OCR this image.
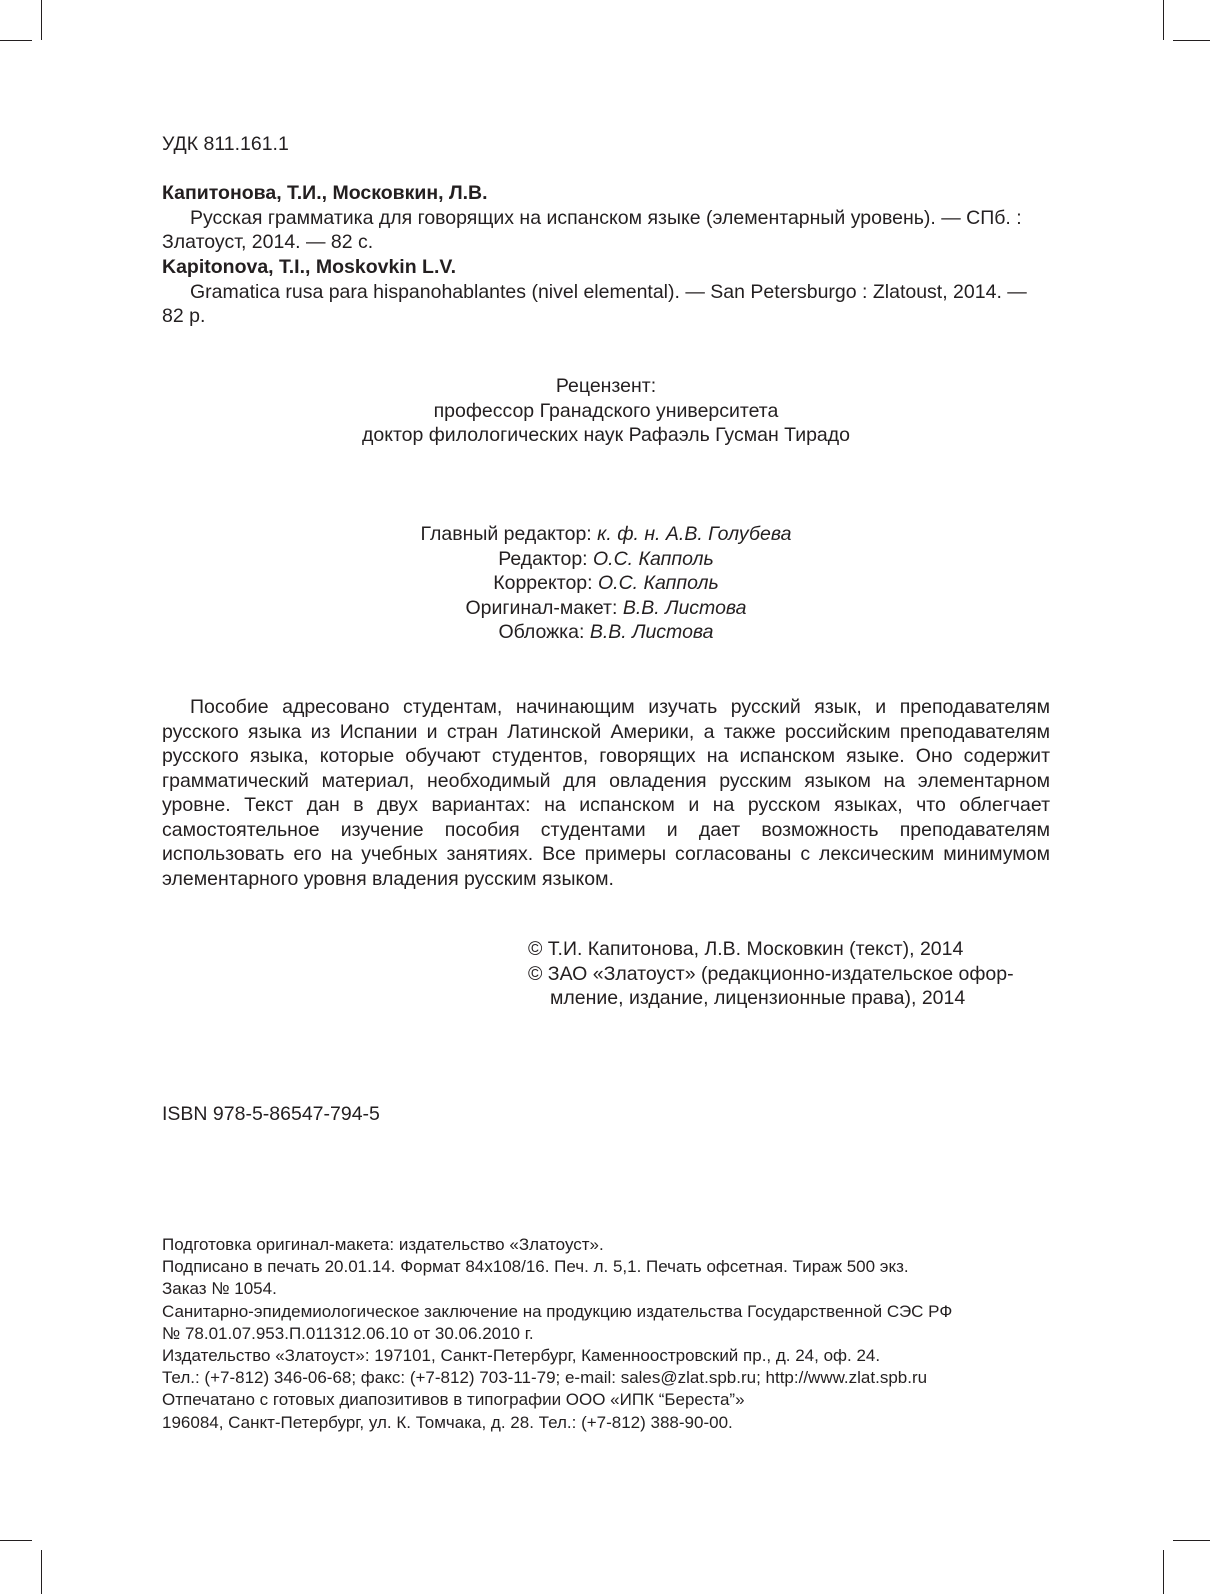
УДК 811.161.1
Капитонова, Т.И., Московкин, Л.В.
Русская грамматика для говорящих на испанском языке (элементарный уровень). — СПб. : Златоуст, 2014. — 82 с.
Kapitonova, T.I., Moskovkin L.V.
Gramatica rusa para hispanohablantes (nivel elemental). — San Petersburgo : Zlatoust, 2014. — 82 p.
Рецензент:
профессор Гранадского университета
доктор филологических наук Рафаэль Гусман Тирадо
Главный редактор: к. ф. н. А.В. Голубева
Редактор: О.С. Капполь
Корректор: О.С. Капполь
Оригинал-макет: В.В. Листова
Обложка: В.В. Листова
Пособие адресовано студентам, начинающим изучать русский язык, и преподавателям русского языка из Испании и стран Латинской Америки, а также российским преподавателям русского языка, которые обучают студентов, говорящих на испанском языке. Оно содержит грамматический материал, необходимый для овладения русским языком на элементарном уровне. Текст дан в двух вариантах: на испанском и на русском языках, что облегчает самостоятельное изучение пособия студентами и дает возможность преподавателям использовать его на учебных занятиях. Все примеры согласованы с лексическим минимумом элементарного уровня владения русским языком.
© Т.И. Капитонова, Л.В. Московкин (текст), 2014
© ЗАО «Златоуст» (редакционно-издательское офор-
мление, издание, лицензионные права), 2014
ISBN 978-5-86547-794-5
Подготовка оригинал-макета: издательство «Златоуст».
Подписано в печать 20.01.14. Формат 84х108/16. Печ. л. 5,1. Печать офсетная. Тираж 500 экз.
Заказ № 1054.
Санитарно-эпидемиологическое заключение на продукцию издательства Государственной СЭС РФ
№ 78.01.07.953.П.011312.06.10 от 30.06.2010 г.
Издательство «Златоуст»: 197101, Санкт-Петербург, Каменноостровский пр., д. 24, оф. 24.
Тел.: (+7-812) 346-06-68; факс: (+7-812) 703-11-79; e-mail: sales@zlat.spb.ru; http://www.zlat.spb.ru
Отпечатано с готовых диапозитивов в типографии ООО «ИПК “Береста”»
196084, Санкт-Петербург, ул. К. Томчака, д. 28. Тел.: (+7-812) 388-90-00.
